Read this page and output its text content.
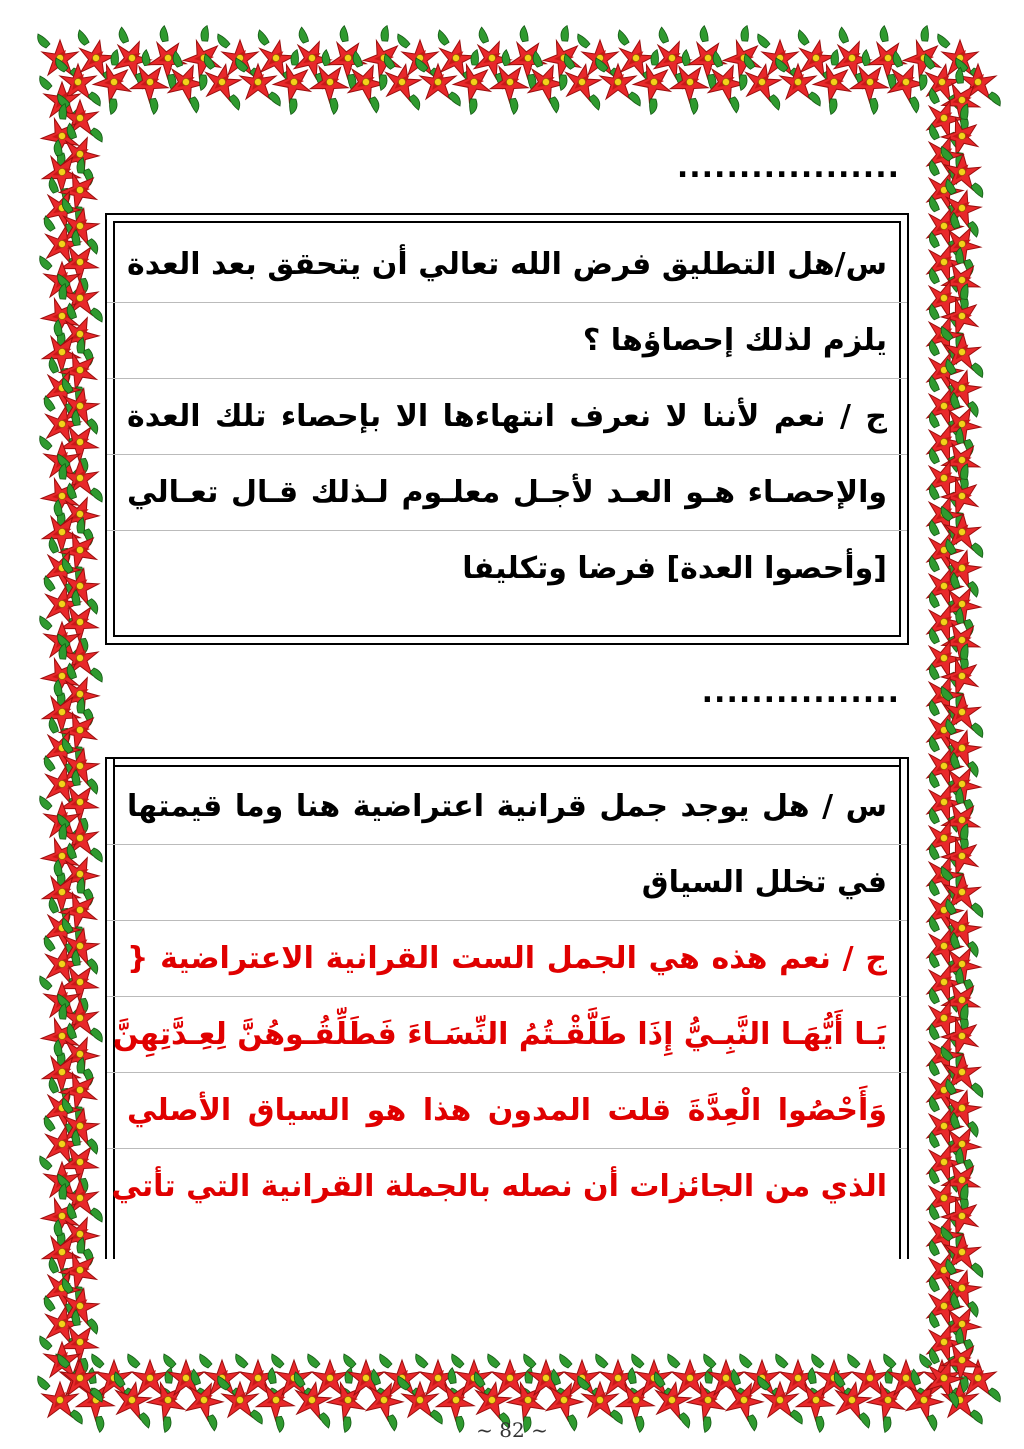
..................
س/هل التطليق فرض الله تعالي أن يتحقق بعد العدة
يلزم لذلك إحصاؤها ؟
ج / نعم لأننا لا نعرف انتهاءها الا بإحصاء تلك العدة
والإحصـاء هـو العـد لأجـل معلـوم لـذلك قـال تعـالي
[وأحصوا العدة] فرضا وتكليفا
................
س / هل يوجد جمل قرانية اعتراضية هنا وما قيمتها
في تخلل السياق
ج / نعم هذه هي الجمل الست القرانية الاعتراضية {
يَـا أَيُّهَـا النَّبِـيُّ إِذَا طَلَّقْـتُمُ النِّسَـاءَ فَطَلِّقُـوهُنَّ لِعِـدَّتِهِنَّ
وَأَحْصُوا الْعِدَّةَ قلت المدون هذا هو السياق الأصلي
الذي من الجائزات أن نصله بالجملة القرانية التي تأتي
~ 82 ~
